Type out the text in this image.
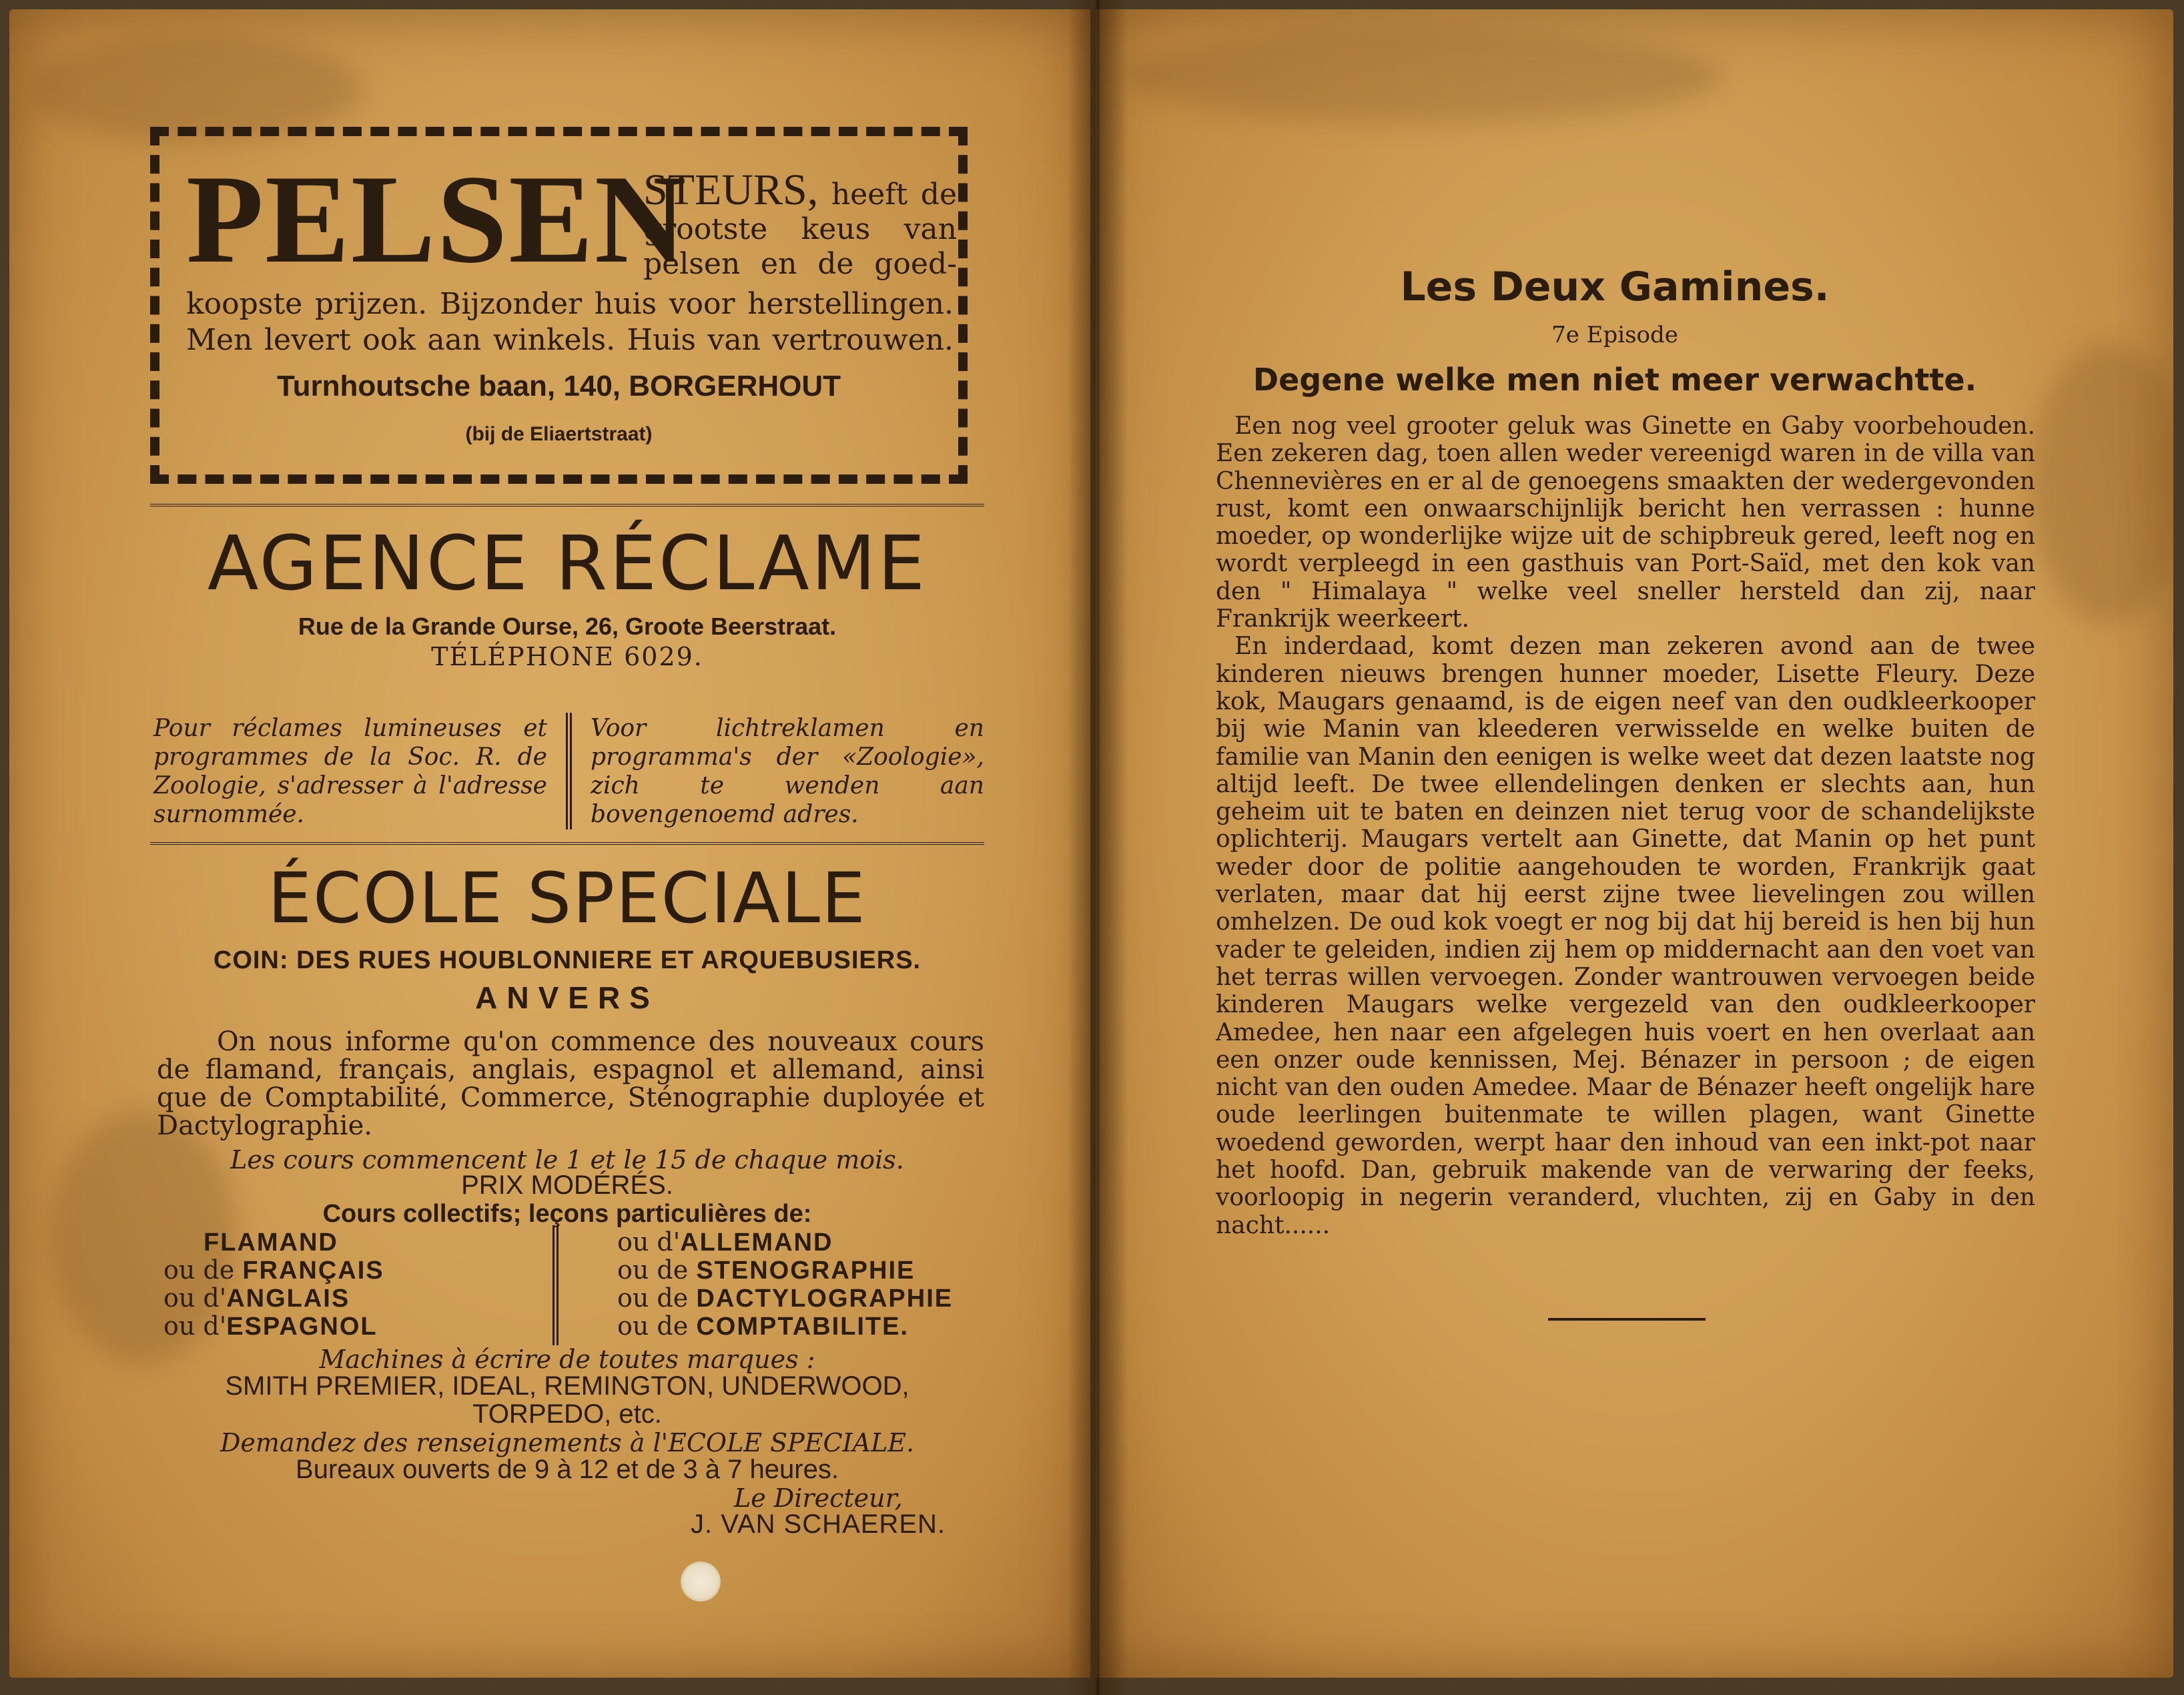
PELSEN
STEURS, heeft de grootste keus van pelsen en de goed-
koopste prijzen. Bijzonder huis voor herstellingen. Men levert ook aan winkels. Huis van vertrouwen.
Turnhoutsche baan, 140, BORGERHOUT
(bij de Eliaertstraat)
AGENCE RÉCLAME
Rue de la Grande Ourse, 26, Groote Beerstraat.
TÉLÉPHONE 6029.
Pour réclames lumineuses et programmes de la Soc. R. de Zoologie, s'adresser à l'adresse surnommée.
Voor lichtreklamen en programma's der «Zoologie», zich te wenden aan bovengenoemd adres.
ÉCOLE SPECIALE
COIN: DES RUES HOUBLONNIERE ET ARQUEBUSIERS.
ANVERS
On nous informe qu'on commence des nouveaux cours de flamand, français, anglais, espagnol et allemand, ainsi que de Comptabilité, Commerce, Sténographie duployée et Dactylographie.
Les cours commencent le 1 et le 15 de chaque mois.
PRIX MODÉRÉS.
Cours collectifs; leçons particulières de:
FLAMAND
ou de FRANÇAIS
ou d'ANGLAIS
ou d'ESPAGNOL
ou d'ALLEMAND
ou de STENOGRAPHIE
ou de DACTYLOGRAPHIE
ou de COMPTABILITE.
Machines à écrire de toutes marques :
SMITH PREMIER, IDEAL, REMINGTON, UNDERWOOD,
TORPEDO, etc.
Demandez des renseignements à l'ECOLE SPECIALE.
Bureaux ouverts de 9 à 12 et de 3 à 7 heures.
Le Directeur,
J. VAN SCHAEREN.
Les Deux Gamines.
7e Episode
Degene welke men niet meer verwachtte.
Een nog veel grooter geluk was Ginette en Gaby voorbehouden. Een zekeren dag, toen allen weder vereenigd waren in de villa van Chennevières en er al de genoegens smaakten der wedergevonden rust, komt een onwaarschijnlijk bericht hen verrassen : hunne moeder, op wonderlijke wijze uit de schipbreuk gered, leeft nog en wordt verpleegd in een gasthuis van Port-Saïd, met den kok van den " Himalaya " welke veel sneller hersteld dan zij, naar Frankrijk weerkeert.
En inderdaad, komt dezen man zekeren avond aan de twee kinderen nieuws brengen hunner moeder, Lisette Fleury. Deze kok, Maugars genaamd, is de eigen neef van den oudkleerkooper bij wie Manin van kleederen verwisselde en welke buiten de familie van Manin den eenigen is welke weet dat dezen laatste nog altijd leeft. De twee ellendelingen denken er slechts aan, hun geheim uit te baten en deinzen niet terug voor de schandelijkste oplichterij. Maugars vertelt aan Ginette, dat Manin op het punt weder door de politie aangehouden te worden, Frankrijk gaat verlaten, maar dat hij eerst zijne twee lievelingen zou willen omhelzen. De oud kok voegt er nog bij dat hij bereid is hen bij hun vader te geleiden, indien zij hem op middernacht aan den voet van het terras willen vervoegen. Zonder wantrouwen vervoegen beide kinderen Maugars welke vergezeld van den oudkleerkooper Amedee, hen naar een afgelegen huis voert en hen overlaat aan een onzer oude kennissen, Mej. Bénazer in persoon ; de eigen nicht van den ouden Amedee. Maar de Bénazer heeft ongelijk hare oude leerlingen buitenmate te willen plagen, want Ginette woedend geworden, werpt haar den inhoud van een inkt-pot naar het hoofd. Dan, gebruik makende van de verwaring der feeks, voorloopig in negerin veranderd, vluchten, zij en Gaby in den nacht......
